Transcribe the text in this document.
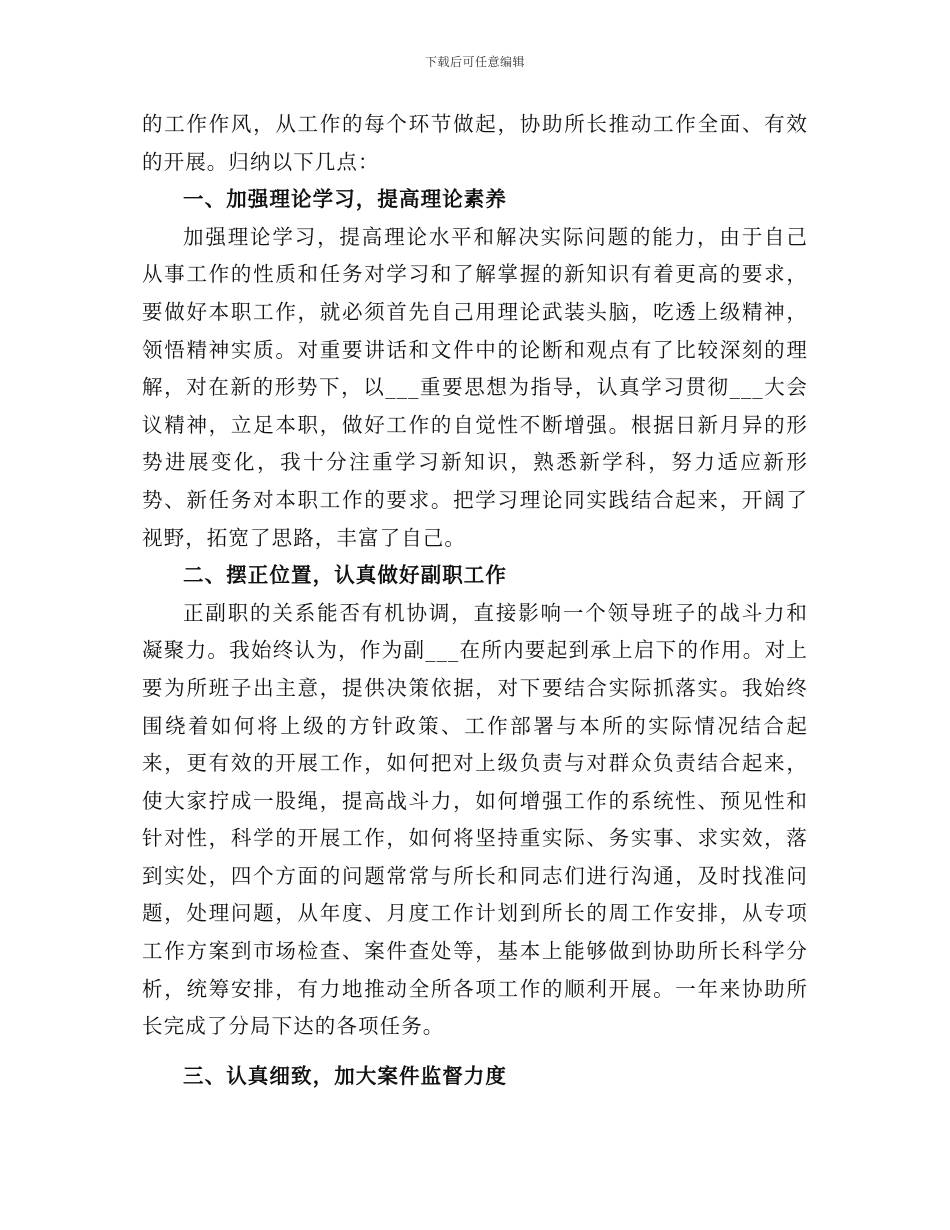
下载后可任意编辑

的工作作风，从工作的每个环节做起，协助所长推动工作全面、有效的开展。归纳以下几点：

一、加强理论学习，提高理论素养

加强理论学习，提高理论水平和解决实际问题的能力，由于自己从事工作的性质和任务对学习和了解掌握的新知识有着更高的要求，要做好本职工作，就必须首先自己用理论武装头脑，吃透上级精神，领悟精神实质。对重要讲话和文件中的论断和观点有了比较深刻的理解，对在新的形势下，以___重要思想为指导，认真学习贯彻___大会议精神，立足本职，做好工作的自觉性不断增强。根据日新月异的形势进展变化，我十分注重学习新知识，熟悉新学科，努力适应新形势、新任务对本职工作的要求。把学习理论同实践结合起来，开阔了视野，拓宽了思路，丰富了自己。

二、摆正位置，认真做好副职工作

正副职的关系能否有机协调，直接影响一个领导班子的战斗力和凝聚力。我始终认为，作为副___在所内要起到承上启下的作用。对上要为所班子出主意，提供决策依据，对下要结合实际抓落实。我始终围绕着如何将上级的方针政策、工作部署与本所的实际情况结合起来，更有效的开展工作，如何把对上级负责与对群众负责结合起来，使大家拧成一股绳，提高战斗力，如何增强工作的系统性、预见性和针对性，科学的开展工作，如何将坚持重实际、务实事、求实效，落到实处，四个方面的问题常常与所长和同志们进行沟通，及时找准问题，处理问题，从年度、月度工作计划到所长的周工作安排，从专项工作方案到市场检查、案件查处等，基本上能够做到协助所长科学分析，统筹安排，有力地推动全所各项工作的顺利开展。一年来协助所长完成了分局下达的各项任务。

三、认真细致，加大案件监督力度
